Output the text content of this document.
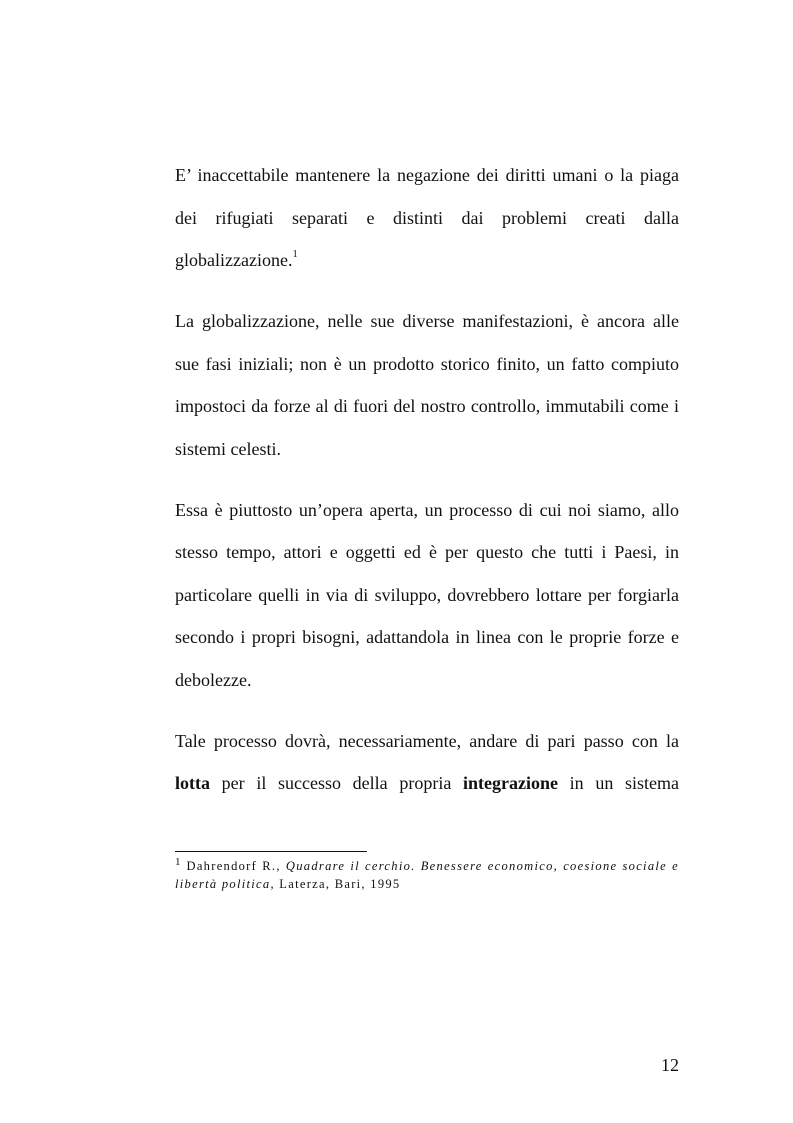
E’ inaccettabile mantenere la negazione dei diritti umani o la piaga dei rifugiati separati e distinti dai problemi creati dalla globalizzazione.$^1$

La globalizzazione, nelle sue diverse manifestazioni, è ancora alle sue fasi iniziali; non è un prodotto storico finito, un fatto compiuto impostoci da forze al di fuori del nostro controllo, immutabili come i sistemi celesti.

Essa è piuttosto un’opera aperta, un processo di cui noi siamo, allo stesso tempo, attori e oggetti ed è per questo che tutti i Paesi, in particolare quelli in via di sviluppo, dovrebbero lottare per forgiarla secondo i propri bisogni, adattandola in linea con le proprie forze e debolezze.

Tale processo dovrà, necessariamente, andare di pari passo con la lotta per il successo della propria integrazione in un sistema

1 Dahrendorf R., Quadrare il cerchio. Benessere economico, coesione sociale e libertà politica, Laterza, Bari, 1995
12
